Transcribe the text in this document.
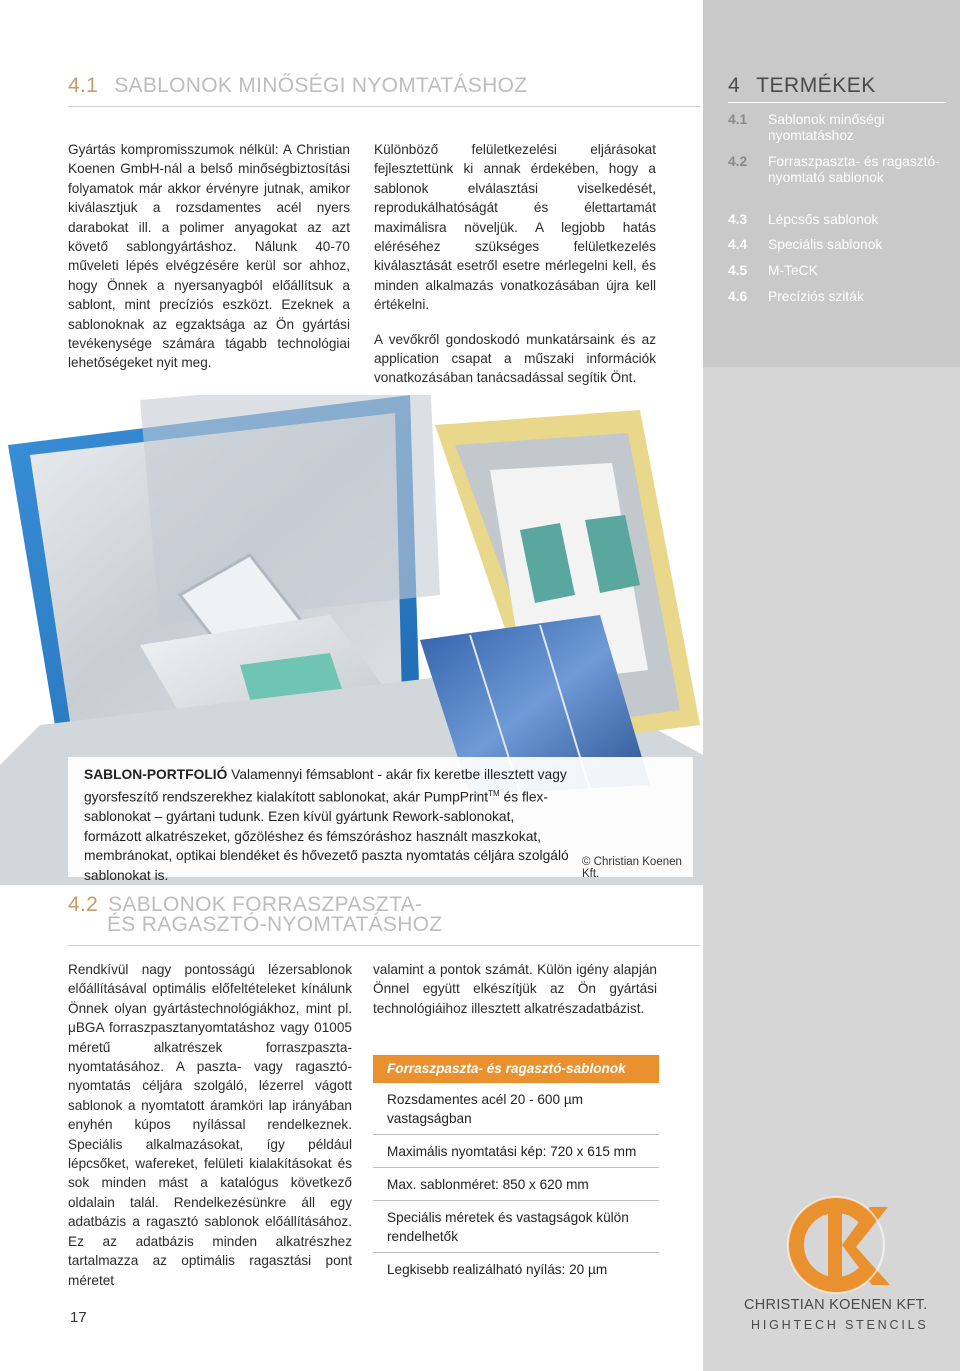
4.1 SABLONOK MINŐSÉGI NYOMTATÁSHOZ

Gyártás kompromisszumok nélkül: A Christian Koenen GmbH-nál a belső minőségbiztosítási folyamatok már akkor érvényre jutnak, amikor kiválasztjuk a rozsdamentes acél nyers darabokat ill. a polimer anyagokat az azt követő sablongyártáshoz. Nálunk 40-70 műveleti lépés elvégzésére kerül sor ahhoz, hogy Önnek a nyersanyagból előállítsuk a sablont, mint precíziós eszközt. Ezeknek a sablonoknak az egzaktsága az Ön gyártási tevékenysége számára tágabb technológiai lehetőségeket nyit meg.

Különböző felületkezelési eljárásokat fejlesztettünk ki annak érdekében, hogy a sablonok elválasztási viselkedését, reprodukálhatóságát és élettartamát maximálisra növeljük. A legjobb hatás eléréséhez szükséges felületkezelés kiválasztását esetről esetre mérlegelni kell, és minden alkalmazás vonatkozásában újra kell értékelni.

A vevőkről gondoskodó munkatársaink és az application csapat a műszaki információk vonatkozásában tanácsadással segítik Önt.

4 TERMÉKEK
4.1	Sablonok minőségi nyomtatáshoz
4.2	Forraszpaszta- és ragasztó-nyomtató sablonok
4.3	Lépcsős sablonok
4.4	Speciális sablonok
4.5	M-TeCK
4.6	Precíziós sziták
SABLON-PORTFOLIÓ Valamennyi fémsablont - akár fix keretbe illesztett vagy gyorsfeszítő rendszerekhez kialakított sablonokat, akár PumpPrint™ és flex-sablonokat – gyártani tudunk. Ezen kívül gyártunk Rework-sablonokat, formázott alkatrészeket, gőzöléshez és fémszóráshoz használt maszkokat, membránokat, optikai blendéket és hővezető paszta nyomtatás céljára szolgáló sablonokat is.
© Christian Koenen Kft.
4.2 SABLONOK FORRASZPASZTA-
ÉS RAGASZTÓ-NYOMTATÁSHOZ

Rendkívül nagy pontosságú lézersablonok előállításával optimális előfeltételeket kínálunk Önnek olyan gyártástechnológiákhoz, mint pl. μBGA forraszpasztanyomtatáshoz vagy 01005 méretű alkatrészek forraszpaszta-nyomtatásához. A paszta- vagy ragasztó-nyomtatás céljára szolgáló, lézerrel vágott sablonok a nyomtatott áramköri lap irányában enyhén kúpos nyílással rendelkeznek. Speciális alkalmazásokat, így például lépcsőket, wafereket, felületi kialakításokat és sok minden mást a katalógus következő oldalain talál. Rendelkezésünkre áll egy adatbázis a ragasztó sablonok előállításához. Ez az adatbázis minden alkatrészhez tartalmazza az optimális ragasztási pont méretet

valamint a pontok számát. Külön igény alapján Önnel együtt elkészítjük az Ön gyártási technológiáihoz illesztett alkatrészadatbázist.

Forraszpaszta- és ragasztó-sablonok
Rozsdamentes acél 20 - 600 µm vastagságban
Maximális nyomtatási kép: 720 x 615 mm
Max. sablonméret: 850 x 620 mm
Speciális méretek és vastagságok külön rendelhetők
Legkisebb realizálható nyílás: 20 µm
17
CHRISTIAN KOENEN KFT.
HIGHTECH STENCILS
